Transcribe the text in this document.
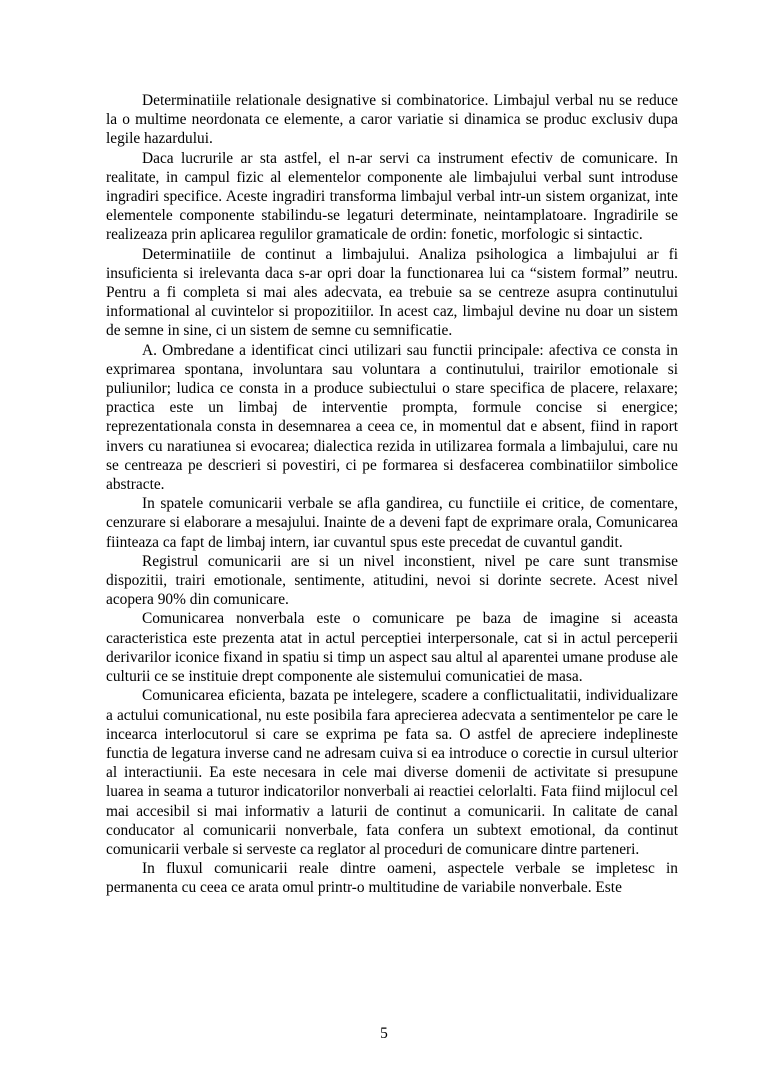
Determinatiile relationale designative si combinatorice. Limbajul verbal nu se reduce la o multime neordonata ce elemente, a caror variatie si dinamica se produc exclusiv dupa legile hazardului.

Daca lucrurile ar sta astfel, el n-ar servi ca instrument efectiv de comunicare. In realitate, in campul fizic al elementelor componente ale limbajului verbal sunt introduse ingradiri specifice. Aceste ingradiri transforma limbajul verbal intr-un sistem organizat, inte elementele componente stabilindu-se legaturi determinate, neintamplatoare. Ingradirile se realizeaza prin aplicarea regulilor gramaticale de ordin: fonetic, morfologic si sintactic.

Determinatiile de continut a limbajului. Analiza psihologica a limbajului ar fi insuficienta si irelevanta daca s-ar opri doar la functionarea lui ca “sistem formal” neutru. Pentru a fi completa si mai ales adecvata, ea trebuie sa se centreze asupra continutului informational al cuvintelor si propozitiilor. In acest caz, limbajul devine nu doar un sistem de semne in sine, ci un sistem de semne cu semnificatie.

A. Ombredane a identificat cinci utilizari sau functii principale: afectiva ce consta in exprimarea spontana, involuntara sau voluntara a continutului, trairilor emotionale si puliunilor; ludica ce consta in a produce subiectului o stare specifica de placere, relaxare; practica este un limbaj de interventie prompta, formule concise si energice; reprezentationala consta in desemnarea a ceea ce, in momentul dat e absent, fiind in raport invers cu naratiunea si evocarea; dialectica rezida in utilizarea formala a limbajului, care nu se centreaza pe descrieri si povestiri, ci pe formarea si desfacerea combinatiilor simbolice abstracte.

In spatele comunicarii verbale se afla gandirea, cu functiile ei critice, de comentare, cenzurare si elaborare a mesajului. Inainte de a deveni fapt de exprimare orala, Comunicarea fiinteaza ca fapt de limbaj intern, iar cuvantul spus este precedat de cuvantul gandit.

Registrul comunicarii are si un nivel inconstient, nivel pe care sunt transmise dispozitii, trairi emotionale, sentimente, atitudini, nevoi si dorinte secrete. Acest nivel acopera 90% din comunicare.

Comunicarea nonverbala este o comunicare pe baza de imagine si aceasta caracteristica este prezenta atat in actul perceptiei interpersonale, cat si in actul perceperii derivarilor iconice fixand in spatiu si timp un aspect sau altul al aparentei umane produse ale culturii ce se instituie drept componente ale sistemului comunicatiei de masa.

Comunicarea eficienta, bazata pe intelegere, scadere a conflictualitatii, individualizare a actului comunicational, nu este posibila fara aprecierea adecvata a sentimentelor pe care le incearca interlocutorul si care se exprima pe fata sa. O astfel de apreciere indeplineste functia de legatura inverse cand ne adresam cuiva si ea introduce o corectie in cursul ulterior al interactiunii. Ea este necesara in cele mai diverse domenii de activitate si presupune luarea in seama a tuturor indicatorilor nonverbali ai reactiei celorlalti. Fata fiind mijlocul cel mai accesibil si mai informativ a laturii de continut a comunicarii. In calitate de canal conducator al comunicarii nonverbale, fata confera un subtext emotional, da continut comunicarii verbale si serveste ca reglator al proceduri de comunicare dintre parteneri.

In fluxul comunicarii reale dintre oameni, aspectele verbale se impletesc in permanenta cu ceea ce arata omul printr-o multitudine de variabile nonverbale. Este

5
